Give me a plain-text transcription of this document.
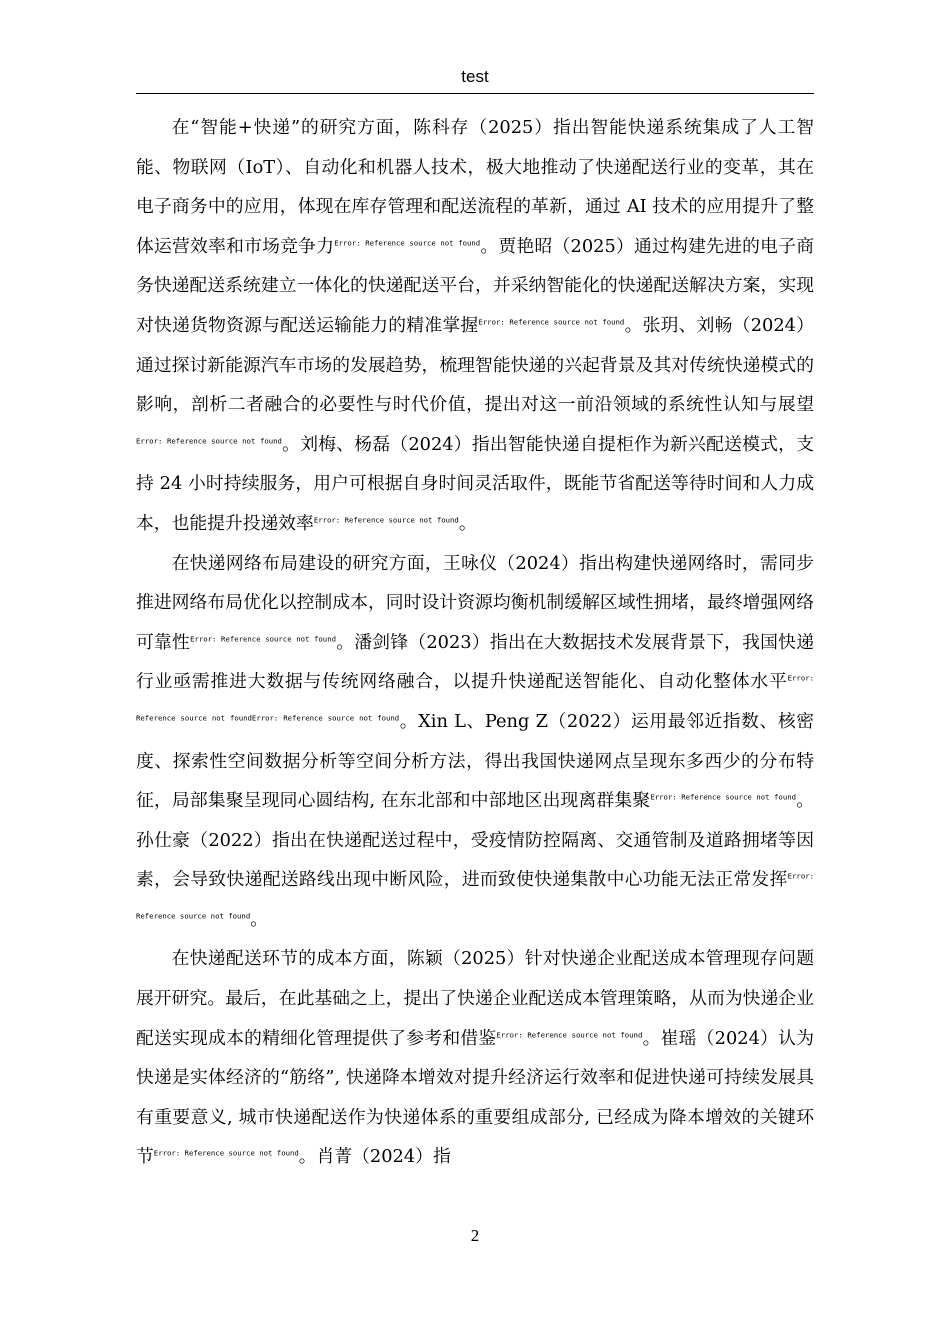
test

在“智能+快递”的研究方面，陈科存（2025）指出智能快递系统集成了人工智能、物联网（IoT）、自动化和机器人技术，极大地推动了快递配送行业的变革，其在电子商务中的应用，体现在库存管理和配送流程的革新，通过 AI 技术的应用提升了整体运营效率和市场竞争力$^{Error: Reference source not found}$。贾艳昭（2025）通过构建先进的电子商务快递配送系统建立一体化的快递配送平台，并采纳智能化的快递配送解决方案，实现对快递货物资源与配送运输能力的精准掌握$^{Error: Reference source not found}$。张玥、刘畅（2024）通过探讨新能源汽车市场的发展趋势，梳理智能快递的兴起背景及其对传统快递模式的影响，剖析二者融合的必要性与时代价值，提出对这一前沿领域的系统性认知与展望$^{Error: Reference source not found}$。刘梅、杨磊（2024）指出智能快递自提柜作为新兴配送模式，支持 24 小时持续服务，用户可根据自身时间灵活取件，既能节省配送等待时间和人力成本，也能提升投递效率$^{Error: Reference source not found}$。

在快递网络布局建设的研究方面，王咏仪（2024）指出构建快递网络时，需同步推进网络布局优化以控制成本，同时设计资源均衡机制缓解区域性拥堵，最终增强网络可靠性$^{Error: Reference source not found}$。潘剑锋（2023）指出在大数据技术发展背景下，我国快递行业亟需推进大数据与传统网络融合，以提升快递配送智能化、自动化整体水平$^{Error: Reference source not foundError: Reference source not found}$。Xin L、Peng Z（2022）运用最邻近指数、核密度、探索性空间数据分析等空间分析方法，得出我国快递网点呈现东多西少的分布特征，局部集聚呈现同心圆结构, 在东北部和中部地区出现离群集聚$^{Error: Reference source not found}$。孙仕豪（2022）指出在快递配送过程中，受疫情防控隔离、交通管制及道路拥堵等因素，会导致快递配送路线出现中断风险，进而致使快递集散中心功能无法正常发挥$^{Error: Reference source not found}$。

在快递配送环节的成本方面，陈颖（2025）针对快递企业配送成本管理现存问题展开研究。最后，在此基础之上，提出了快递企业配送成本管理策略，从而为快递企业配送实现成本的精细化管理提供了参考和借鉴$^{Error: Reference source not found}$。崔瑶（2024）认为快递是实体经济的“筋络”, 快递降本增效对提升经济运行效率和促进快递可持续发展具有重要意义, 城市快递配送作为快递体系的重要组成部分, 已经成为降本增效的关键环节$^{Error: Reference source not found}$。肖菁（2024）指

2
